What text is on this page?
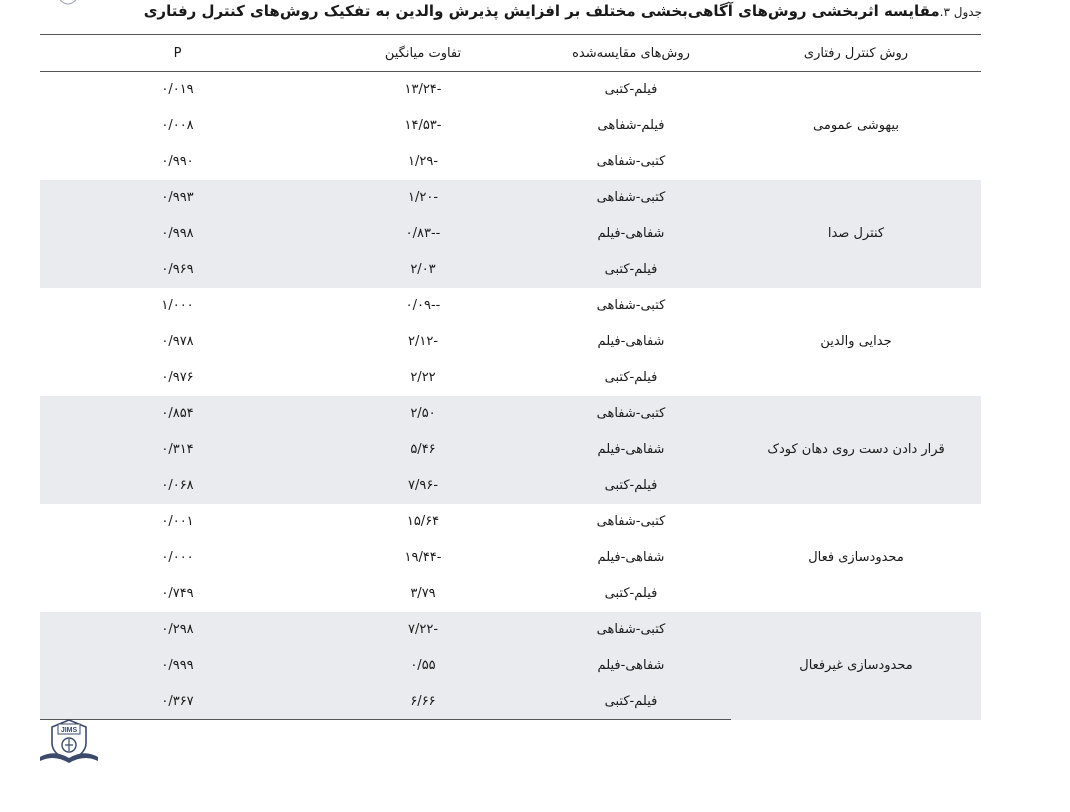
جدول ۳.مقایسه اثربخشی روش‌های آگاهی‌بخشی مختلف بر افزایش پذیرش والدین به تفکیک روش‌های کنترل رفتاری
روش کنترل رفتاری	روش‌های مقایسه‌شده	تفاوت میانگین	P
بیهوشی عمومی	فیلم-کتبی	-۱۳/۲۴	۰/۰۱۹
	فیلم-شفاهی	-۱۴/۵۳	۰/۰۰۸
	کتبی-شفاهی	-۱/۲۹	۰/۹۹۰
کنترل صدا	کتبی-شفاهی	-۱/۲۰	۰/۹۹۳
	شفاهی-فیلم	--۰/۸۳	۰/۹۹۸
	فیلم-کتبی	۲/۰۳	۰/۹۶۹
جدایی والدین	کتبی-شفاهی	--۰/۰۹	۱/۰۰۰
	شفاهی-فیلم	-۲/۱۲	۰/۹۷۸
	فیلم-کتبی	۲/۲۲	۰/۹۷۶
قرار دادن دست روی دهان کودک	کتبی-شفاهی	۲/۵۰	۰/۸۵۴
	شفاهی-فیلم	۵/۴۶	۰/۳۱۴
	فیلم-کتبی	-۷/۹۶	۰/۰۶۸
محدودسازی فعال	کتبی-شفاهی	۱۵/۶۴	۰/۰۰۱
	شفاهی-فیلم	-۱۹/۴۴	۰/۰۰۰
	فیلم-کتبی	۳/۷۹	۰/۷۴۹
محدودسازی غیرفعال	کتبی-شفاهی	-۷/۲۲	۰/۲۹۸
	شفاهی-فیلم	۰/۵۵	۰/۹۹۹
	فیلم-کتبی	۶/۶۶	۰/۳۶۷
JIMS
